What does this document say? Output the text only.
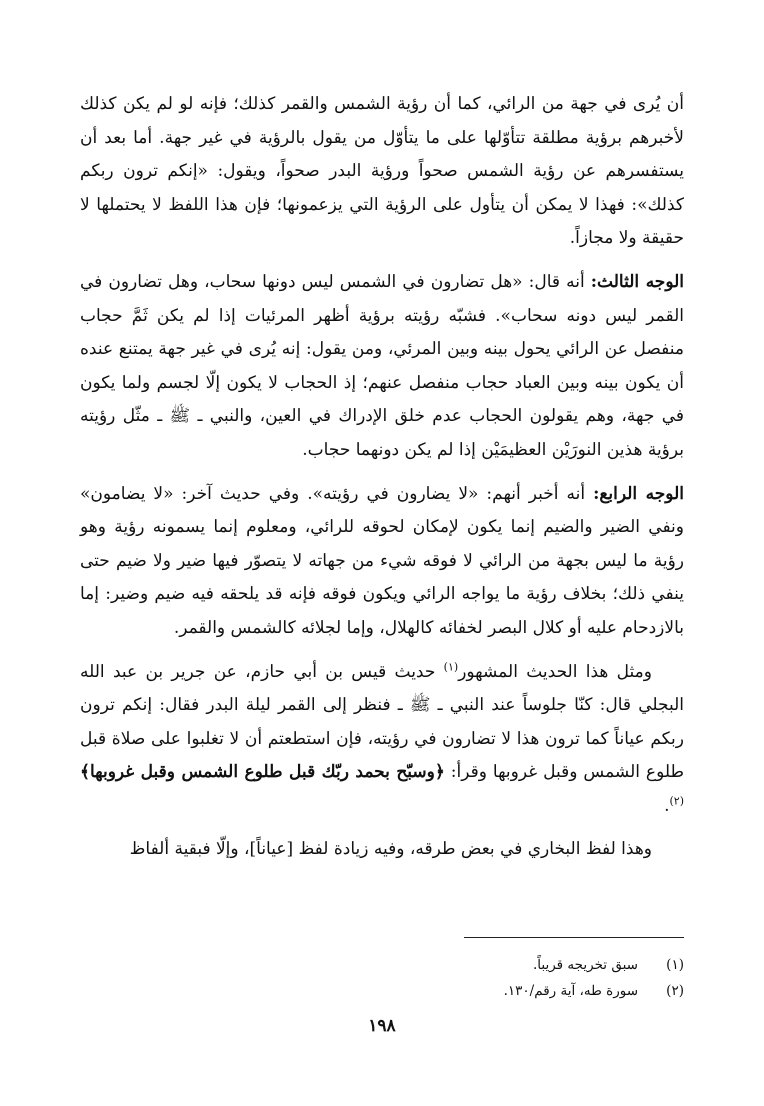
أن يُرى في جهة من الرائي، كما أن رؤية الشمس والقمر كذلك؛ فإنه لو لم يكن كذلك لأخبرهم برؤية مطلقة تتأوّلها على ما يتأوّل من يقول بالرؤية في غير جهة. أما بعد أن يستفسرهم عن رؤية الشمس صحواً ورؤية البدر صحواً، ويقول: «إنكم ترون ربكم كذلك»: فهذا لا يمكن أن يتأول على الرؤية التي يزعمونها؛ فإن هذا اللفظ لا يحتملها لا حقيقة ولا مجازاً.

الوجه الثالث: أنه قال: «هل تضارون في الشمس ليس دونها سحاب، وهل تضارون في القمر ليس دونه سحاب». فشبّه رؤيته برؤية أظهر المرئيات إذا لم يكن ثَمَّ حجاب منفصل عن الرائي يحول بينه وبين المرئي، ومن يقول: إنه يُرى في غير جهة يمتنع عنده أن يكون بينه وبين العباد حجاب منفصل عنهم؛ إذ الحجاب لا يكون إلّا لجسم ولما يكون في جهة، وهم يقولون الحجاب عدم خلق الإدراك في العين، والنبي ـ ﷺ ـ مثّل رؤيته برؤية هذين النورَيْن العظيمَيْن إذا لم يكن دونهما حجاب.

الوجه الرابع: أنه أخبر أنهم: «لا يضارون في رؤيته». وفي حديث آخر: «لا يضامون» ونفي الضير والضيم إنما يكون لإمكان لحوقه للرائي، ومعلوم إنما يسمونه رؤية وهو رؤية ما ليس بجهة من الرائي لا فوقه شيء من جهاته لا يتصوّر فيها ضير ولا ضيم حتى ينفي ذلك؛ بخلاف رؤية ما يواجه الرائي ويكون فوقه فإنه قد يلحقه فيه ضيم وضير: إما بالازدحام عليه أو كلال البصر لخفائه كالهلال، وإما لجلائه كالشمس والقمر.

ومثل هذا الحديث المشهور$^{(١)}$ حديث قيس بن أبي حازم، عن جرير بن عبد الله البجلي قال: كنّا جلوساً عند النبي ـ ﷺ ـ فنظر إلى القمر ليلة البدر فقال: إنكم ترون ربكم عياناً كما ترون هذا لا تضارون في رؤيته، فإن استطعتم أن لا تغلبوا على صلاة قبل طلوع الشمس وقبل غروبها وقرأ: ﴿وسبّح بحمد ربّك قبل طلوع الشمس وقبل غروبها﴾$^{(٢)}$.

وهذا لفظ البخاري في بعض طرقه، وفيه زيادة لفظ [عياناً]، وإلّا فبقية ألفاظ

(١)
سبق تخريجه قريباً.
(٢)
سورة طه، آية رقم/١٣٠.
١٩٨
